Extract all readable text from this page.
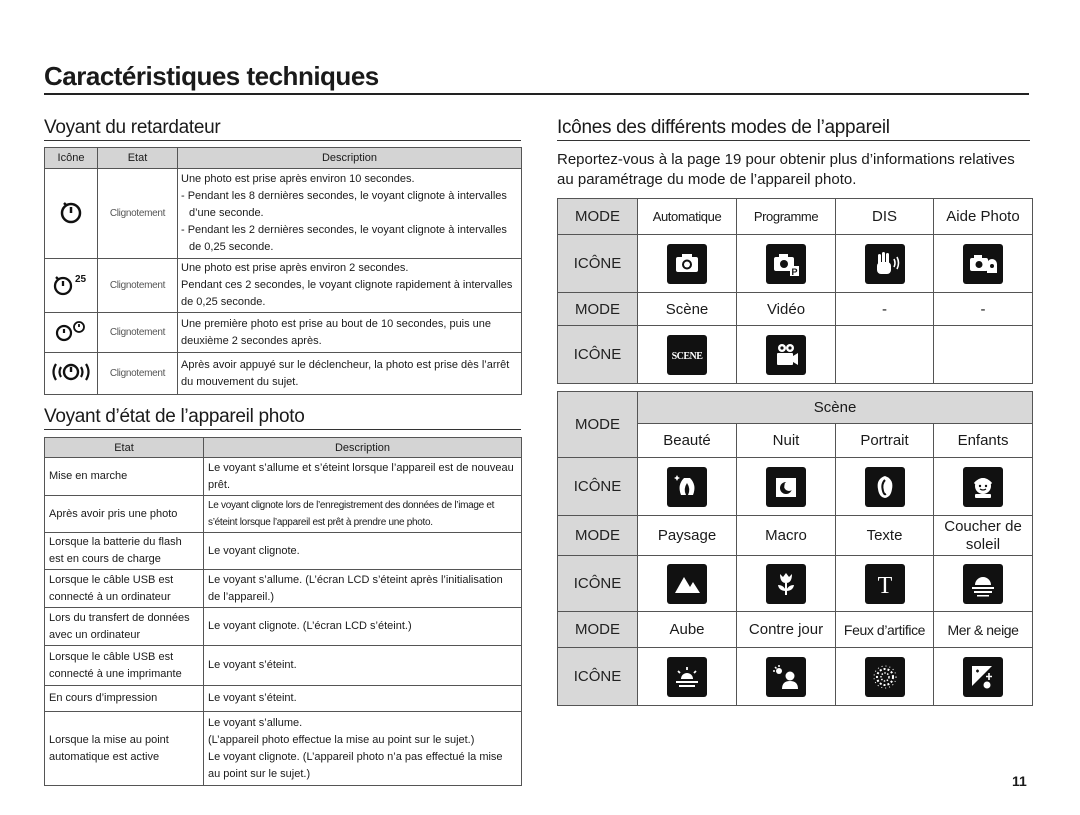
Caractéristiques techniques
Voyant du retardateur
Icône	Etat	Description
	Clignotement	Une photo est prise après environ 10 secondes.
- Pendant les 8 dernières secondes, le voyant clignote à intervalles d’une seconde.
- Pendant les 2 dernières secondes, le voyant clignote à intervalles de 0,25 seconde.

25	Clignotement	Une photo est prise après environ 2 secondes.
Pendant ces 2 secondes, le voyant clignote rapidement à intervalles de 0,25 seconde.

	Clignotement	Une première photo est prise au bout de 10 secondes, puis une deuxième 2 secondes après.

	Clignotement	Après avoir appuyé sur le déclencheur, la photo est prise dès l’arrêt du mouvement du sujet.
Voyant d’état de l’appareil photo
Etat	Description
Mise en marche	Le voyant s’allume et s’éteint lorsque l’appareil est de nouveau prêt.
Après avoir pris une photo	Le voyant clignote lors de l’enregistrement des données de l’image et s’éteint lorsque l’appareil est prêt à prendre une photo.
Lorsque la batterie du flash est en cours de charge	Le voyant clignote.
Lorsque le câble USB est connecté à un ordinateur	Le voyant s’allume. (L’écran LCD s’éteint après l’initialisation de l’appareil.)
Lors du transfert de données avec un ordinateur	Le voyant clignote. (L’écran LCD s’éteint.)
Lorsque le câble USB est connecté à une imprimante	Le voyant s’éteint.
En cours d’impression	Le voyant s’éteint.
Lorsque la mise au point automatique est active	Le voyant s’allume.
(L’appareil photo effectue la mise au point sur le sujet.)
Le voyant clignote. (L’appareil photo n’a pas effectué la mise au point sur le sujet.)
Icônes des différents modes de l’appareil
Reportez-vous à la page 19 pour obtenir plus d’informations relatives au paramétrage du mode de l’appareil photo.
MODE	Automatique	Programme	DIS	Aide Photo
ICÔNE		P

MODE	Scène	Vidéo	-	-
ICÔNE	SCENE

MODE	Scène			
	Beauté	Nuit	Portrait	Enfants
ICÔNE				
MODE	Paysage	Macro	Texte	Coucher de soleil
ICÔNE			T

MODE	Aube	Contre jour	Feux d’artifice	Mer & neige
ICÔNE				
11
